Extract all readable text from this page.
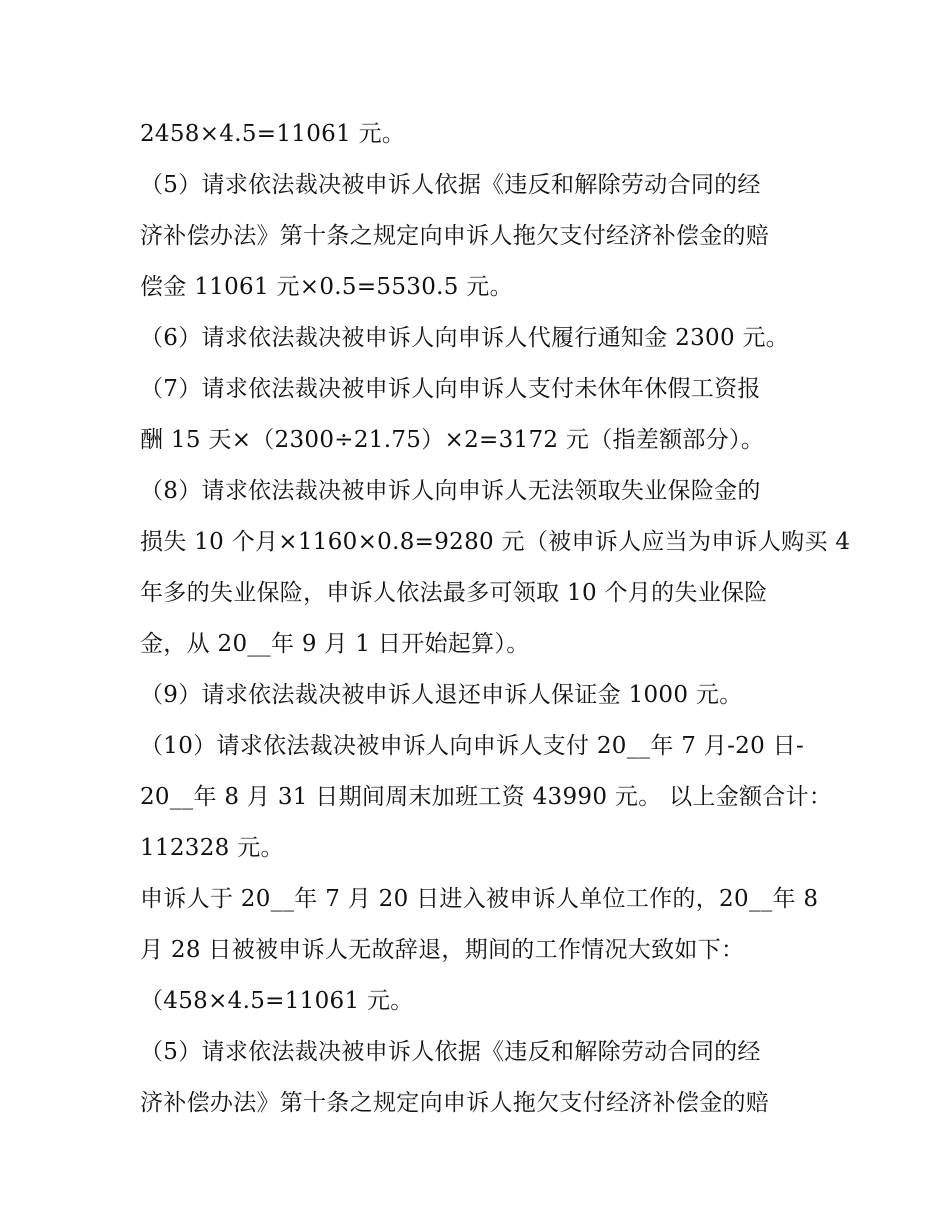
2458×4.5=11061 元。
（5）请求依法裁决被申诉人依据《违反和解除劳动合同的经
济补偿办法》第十条之规定向申诉人拖欠支付经济补偿金的赔
偿金 11061 元×0.5=5530.5 元。
（6）请求依法裁决被申诉人向申诉人代履行通知金 2300 元。
（7）请求依法裁决被申诉人向申诉人支付未休年休假工资报
酬 15 天×（2300÷21.75）×2=3172 元（指差额部分）。
（8）请求依法裁决被申诉人向申诉人无法领取失业保险金的
损失 10 个月×1160×0.8=9280 元（被申诉人应当为申诉人购买 4
年多的失业保险，申诉人依法最多可领取 10 个月的失业保险
金，从 20__年 9 月 1 日开始起算）。
（9）请求依法裁决被申诉人退还申诉人保证金 1000 元。
（10）请求依法裁决被申诉人向申诉人支付 20__年 7 月-20 日-
20__年 8 月 31 日期间周末加班工资 43990 元。 以上金额合计：
112328 元。
申诉人于 20__年 7 月 20 日进入被申诉人单位工作的，20__年 8
月 28 日被被申诉人无故辞退，期间的工作情况大致如下：
（458×4.5=11061 元。
（5）请求依法裁决被申诉人依据《违反和解除劳动合同的经
济补偿办法》第十条之规定向申诉人拖欠支付经济补偿金的赔
